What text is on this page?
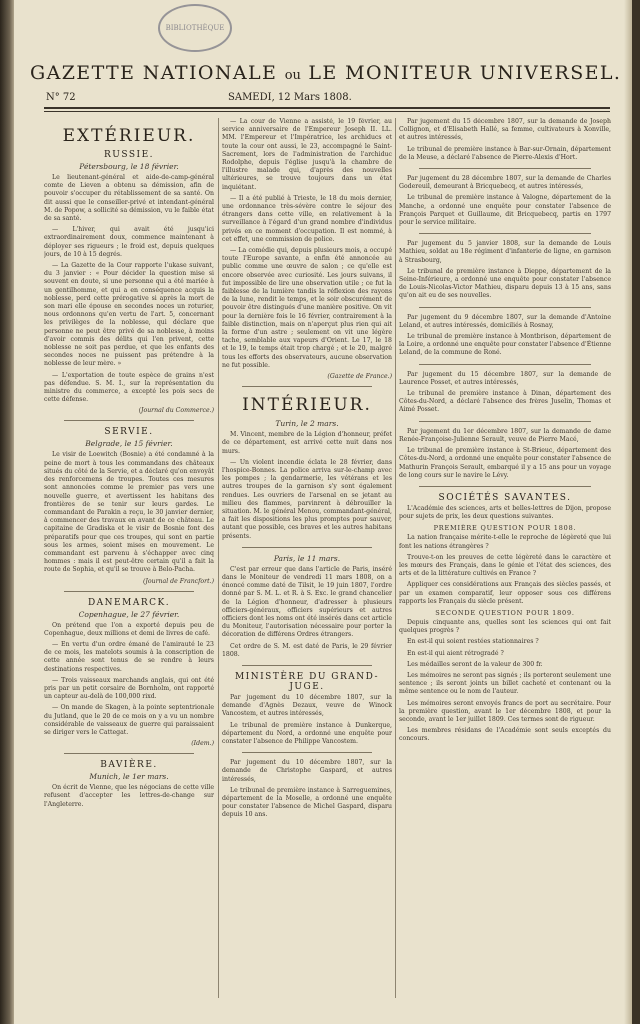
BIBLIOTHÈQUE
GAZETTE NATIONALE ou LE MONITEUR UNIVERSEL.
N° 72	SAMEDI, 12 Mars 1808.
EXTÉRIEUR.
RUSSIE.
Pétersbourg, le 18 février.
Le lieutenant-général et aide-de-camp-général comte de Lieven a obtenu sa démission, afin de pouvoir s'occuper du rétablissement de sa santé. On dit aussi que le conseiller-privé et intendant-général M. de Popow, a sollicité sa démission, vu le faible état de sa santé.
— L'hiver, qui avait été jusqu'ici extraordinairement doux, commence maintenant à déployer ses rigueurs ; le froid est, depuis quelques jours, de 10 à 15 degrés.
— La Gazette de la Cour rapporte l'ukase suivant, du 3 janvier : « Pour décider la question mise si souvent en doute, si une personne qui a été mariée à un gentilhomme, et qui a en conséquence acquis la noblesse, perd cette prérogative si après la mort de son mari elle épouse en secondes noces un roturier, nous ordonnons qu'en vertu de l'art. 5, concernant les privilèges de la noblesse, qui déclare que personne ne peut être privé de sa noblesse, à moins d'avoir commis des délits qui l'en privent, cette noblesse ne soit pas perdue, et que les enfants des secondes noces ne puissent pas prétendre à la noblesse de leur mère. »
— L'exportation de toute espèce de grains n'est pas défendue. S. M. I., sur la représentation du ministre du commerce, a excepté les pois secs de cette défense.
(Journal du Commerce.)
SERVIE.
Belgrade, le 15 février.
Le visir de Loewitch (Bosnie) a été condamné à la peine de mort à tous les commandans des châteaux situés du côté de la Servie, et a déclaré qu'on envoyât des renforcemens de troupes. Toutes ces mesures sont annoncées comme le premier pas vers une nouvelle guerre, et avertissent les habitans des frontières de se tenir sur leurs gardes. Le commandant de Parakin a reçu, le 30 janvier dernier, à commencer des travaux en avant de ce château. Le capitaine de Gradiska et le visir de Bosnie font des préparatifs pour que ces troupes, qui sont en partie sous les armes, soient mises en mouvement. Le commandant est parvenu à s'échapper avec cinq hommes : mais il est peut-être certain qu'il a fait la route de Sophia, et qu'il se trouve à Belo-Pacha.
(Journal de Francfort.)
DANEMARCK.
Copenhague, le 27 février.
On prétend que l'on a exporté depuis peu de Copenhague, deux millions et demi de livres de café.
— En vertu d'un ordre émané de l'amirauté le 23 de ce mois, les matelots soumis à la conscription de cette année sont tenus de se rendre à leurs destinations respectives.
— Trois vaisseaux marchands anglais, qui ont été pris par un petit corsaire de Bornholm, ont rapporté un capteur au-delà de 100,000 rixd.
— On mande de Skagen, à la pointe septentrionale du Jutland, que le 20 de ce mois on y a vu un nombre considérable de vaisseaux de guerre qui paraissaient se diriger vers le Cattegat.
(Idem.)
BAVIÈRE.
Munich, le 1er mars.
On écrit de Vienne, que les négocians de cette ville refusent d'accepter les lettres-de-change sur l'Angleterre.
— La cour de Vienne a assisté, le 19 février, au service anniversaire de l'Empereur Joseph II. LL. MM. l'Empereur et l'Impératrice, les archiducs et toute la cour ont aussi, le 23, accompagné le Saint-Sacrement, lors de l'administration de l'archiduc Rodolphe, depuis l'église jusqu'à la chambre de l'illustre malade qui, d'après des nouvelles ultérieures, se trouve toujours dans un état inquiétant.
— Il a été publié à Trieste, le 18 du mois dernier, une ordonnance très-sévère contre le séjour des étrangers dans cette ville, en relativement à la surveillance à l'égard d'un grand nombre d'individus privés en ce moment d'occupation. Il est nommé, à cet effet, une commission de police.
— La comédie qui, depuis plusieurs mois, a occupé toute l'Europe savante, a enfin été annoncée au public comme une œuvre de salon ; ce qu'elle est encore observée avec curiosité. Les jours suivans, il fut impossible de lire une observation utile ; ce fut la faiblesse de la lumière tandis la réflexion des rayons de la lune, rendit le temps, et le soir obscurément de pouvoir être distingués d'une manière positive. On vit pour la dernière fois le 16 février, contrairement à la faible distinction, mais on n'aperçut plus rien qui ait la forme d'un astre ; seulement on vit une légère tache, semblable aux vapeurs d'Orient. Le 17, le 18 et le 19, le temps était trop chargé ; et le 20, malgré tous les efforts des observateurs, aucune observation ne fut possible.
(Gazette de France.)
INTÉRIEUR.
Turin, le 2 mars.
M. Vincent, membre de la Légion d'honneur, préfet de ce département, est arrivé cette nuit dans nos murs.
— Un violent incendie éclata le 28 février, dans l'hospice-Bonnes. La police arriva sur-le-champ avec les pompes ; la gendarmerie, les vétérans et les autres troupes de la garnison s'y sont également rendues. Les ouvriers de l'arsenal en se jetant au milieu des flammes, parvinrent à débrouiller la situation. M. le général Menou, commandant-général, a fait les dispositions les plus promptes pour sauver, autant que possible, ces braves et les autres habitans présents.
Paris, le 11 mars.
C'est par erreur que dans l'article de Paris, inséré dans le Moniteur de vendredi 11 mars 1808, on a énoncé comme daté de Tilsit, le 19 juin 1807, l'ordre donné par S. M. L. et R. à S. Exc. le grand chancelier de la Légion d'honneur, d'adresser à plusieurs officiers-généraux, officiers supérieurs et autres officiers dont les noms ont été insérés dans cet article du Moniteur, l'autorisation nécessaire pour porter la décoration de différens Ordres étrangers.
Cet ordre de S. M. est daté de Paris, le 29 février 1808.
MINISTÈRE DU GRAND-JUGE.
Par jugement du 10 décembre 1807, sur la demande d'Agnès Dezaux, veuve de Winock Vancostem, et autres intéressés,
Le tribunal de première instance à Dunkerque, département du Nord, a ordonné une enquête pour constater l'absence de Philippe Vancostem.
Par jugement du 10 décembre 1807, sur la demande de Christophe Gaspard, et autres intéressés,
Le tribunal de première instance à Sarreguemines, département de la Moselle, a ordonné une enquête pour constater l'absence de Michel Gaspard, disparu depuis 10 ans.
Par jugement du 15 décembre 1807, sur la demande de Joseph Collignon, et d'Elisabeth Hallé, sa femme, cultivateurs à Xonville, et autres intéressés,
Le tribunal de première instance à Bar-sur-Ornain, département de la Meuse, a déclaré l'absence de Pierre-Alexis d'Hort.
Par jugement du 28 décembre 1807, sur la demande de Charles Godereuil, demeurant à Bricquebecq, et autres intéressés,
Le tribunal de première instance à Valogne, département de la Manche, a ordonné une enquête pour constater l'absence de François Parquet et Guillaume, dit Bricquebecq, partis en 1797 pour le service militaire.
Par jugement du 5 janvier 1808, sur la demande de Louis Mathieu, soldat au 18e régiment d'infanterie de ligne, en garnison à Strasbourg,
Le tribunal de première instance à Dieppe, département de la Seine-Inférieure, a ordonné une enquête pour constater l'absence de Louis-Nicolas-Victor Mathieu, disparu depuis 13 à 15 ans, sans qu'on ait eu de ses nouvelles.
Par jugement du 9 décembre 1807, sur la demande d'Antoine Leland, et autres intéressés, domiciliés à Rosnay,
Le tribunal de première instance à Montbrison, département de la Loire, a ordonné une enquête pour constater l'absence d'Étienne Leland, de la commune de Roné.
Par jugement du 15 décembre 1807, sur la demande de Laurence Posset, et autres intéressés,
Le tribunal de première instance à Dinan, département des Côtes-du-Nord, a déclaré l'absence des frères Juselin, Thomas et Aimé Posset.
Par jugement du 1er décembre 1807, sur la demande de dame Renée-Françoise-Julienne Serault, veuve de Pierre Macé,
Le tribunal de première instance à St-Brieuc, département des Côtes-du-Nord, a ordonné une enquête pour constater l'absence de Mathurin François Serault, embarqué il y a 15 ans pour un voyage de long cours sur le navire le Lévy.
SOCIÉTÉS SAVANTES.
L'Académie des sciences, arts et belles-lettres de Dijon, propose pour sujets de prix, les deux questions suivantes.
PREMIÈRE QUESTION POUR 1808.
La nation française mérite-t-elle le reproche de légèreté que lui font les nations étrangères ?
Trouve-t-on les preuves de cette légèreté dans le caractère et les mœurs des Français, dans le génie et l'état des sciences, des arts et de la littérature cultivés en France ?
Appliquer ces considérations aux Français des siècles passés, et par un examen comparatif, leur opposer sous ces différens rapports les Français du siècle présent.
SECONDE QUESTION POUR 1809.
Depuis cinquante ans, quelles sont les sciences qui ont fait quelques progrès ?
En est-il qui soient restées stationnaires ?
En est-il qui aient rétrogradé ?
Les médailles seront de la valeur de 300 fr.
Les mémoires ne seront pas signés ; ils porteront seulement une sentence ; ils seront joints un billet cacheté et contenant ou la même sentence ou le nom de l'auteur.
Les mémoires seront envoyés francs de port au secrétaire. Pour la première question, avant le 1er décembre 1808, et pour la seconde, avant le 1er juillet 1809. Ces termes sont de rigueur.
Les membres résidans de l'Académie sont seuls exceptés du concours.
